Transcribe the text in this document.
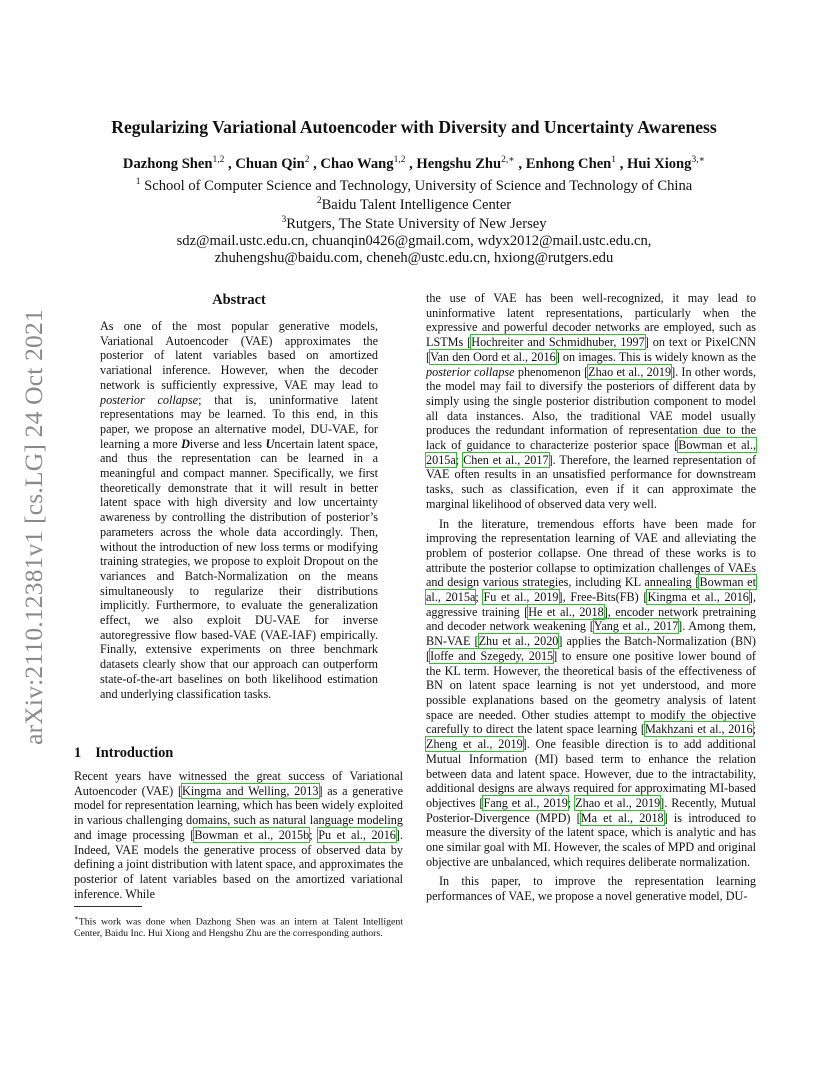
arXiv:2110.12381v1 [cs.LG] 24 Oct 2021
Regularizing Variational Autoencoder with Diversity and Uncertainty Awareness
Dazhong Shen$^{1,2}$ , Chuan Qin$^2$ , Chao Wang$^{1,2}$ , Hengshu Zhu$^{2,∗}$ , Enhong Chen$^1$ , Hui Xiong$^{3,∗}$
$^1$ School of Computer Science and Technology, University of Science and Technology of China
$^2$Baidu Talent Intelligence Center
$^3$Rutgers, The State University of New Jersey
sdz@mail.ustc.edu.cn, chuanqin0426@gmail.com, wdyx2012@mail.ustc.edu.cn,
zhuhengshu@baidu.com, cheneh@ustc.edu.cn, hxiong@rutgers.edu
Abstract

As one of the most popular generative models, Variational Autoencoder (VAE) approximates the posterior of latent variables based on amortized variational inference. However, when the decoder network is sufficiently expressive, VAE may lead to posterior collapse; that is, uninformative latent representations may be learned. To this end, in this paper, we propose an alternative model, DU-VAE, for learning a more Diverse and less Uncertain latent space, and thus the representation can be learned in a meaningful and compact manner. Specifically, we first theoretically demonstrate that it will result in better latent space with high diversity and low uncertainty awareness by controlling the distribution of posterior’s parameters across the whole data accordingly. Then, without the introduction of new loss terms or modifying training strategies, we propose to exploit Dropout on the variances and Batch-Normalization on the means simultaneously to regularize their distributions implicitly. Furthermore, to evaluate the generalization effect, we also exploit DU-VAE for inverse autoregressive flow based-VAE (VAE-IAF) empirically. Finally, extensive experiments on three benchmark datasets clearly show that our approach can outperform state-of-the-art baselines on both likelihood estimation and underlying classification tasks.

1 Introduction

Recent years have witnessed the great success of Variational Autoencoder (VAE) [Kingma and Welling, 2013] as a generative model for representation learning, which has been widely exploited in various challenging domains, such as natural language modeling and image processing [Bowman et al., 2015b; Pu et al., 2016]. Indeed, VAE models the generative process of observed data by defining a joint distribution with latent space, and approximates the posterior of latent variables based on the amortized variational inference. While

∗This work was done when Dazhong Shen was an intern at Talent Intelligent Center, Baidu Inc. Hui Xiong and Hengshu Zhu are the corresponding authors.

the use of VAE has been well-recognized, it may lead to uninformative latent representations, particularly when the expressive and powerful decoder networks are employed, such as LSTMs [Hochreiter and Schmidhuber, 1997] on text or PixelCNN [Van den Oord et al., 2016] on images. This is widely known as the posterior collapse phenomenon [Zhao et al., 2019]. In other words, the model may fail to diversify the posteriors of different data by simply using the single posterior distribution component to model all data instances. Also, the traditional VAE model usually produces the redundant information of representation due to the lack of guidance to characterize posterior space [Bowman et al., 2015a; Chen et al., 2017]. Therefore, the learned representation of VAE often results in an unsatisfied performance for downstream tasks, such as classification, even if it can approximate the marginal likelihood of observed data very well.

In the literature, tremendous efforts have been made for improving the representation learning of VAE and alleviating the problem of posterior collapse. One thread of these works is to attribute the posterior collapse to optimization challenges of VAEs and design various strategies, including KL annealing [Bowman et al., 2015a; Fu et al., 2019], Free-Bits(FB) [Kingma et al., 2016], aggressive training [He et al., 2018], encoder network pretraining and decoder network weakening [Yang et al., 2017]. Among them, BN-VAE [Zhu et al., 2020] applies the Batch-Normalization (BN) [Ioffe and Szegedy, 2015] to ensure one positive lower bound of the KL term. However, the theoretical basis of the effectiveness of BN on latent space learning is not yet understood, and more possible explanations based on the geometry analysis of latent space are needed. Other studies attempt to modify the objective carefully to direct the latent space learning [Makhzani et al., 2016; Zheng et al., 2019]. One feasible direction is to add additional Mutual Information (MI) based term to enhance the relation between data and latent space. However, due to the intractability, additional designs are always required for approximating MI-based objectives [Fang et al., 2019; Zhao et al., 2019]. Recently, Mutual Posterior-Divergence (MPD) [Ma et al., 2018] is introduced to measure the diversity of the latent space, which is analytic and has one similar goal with MI. However, the scales of MPD and original objective are unbalanced, which requires deliberate normalization.

In this paper, to improve the representation learning performances of VAE, we propose a novel generative model, DU-
